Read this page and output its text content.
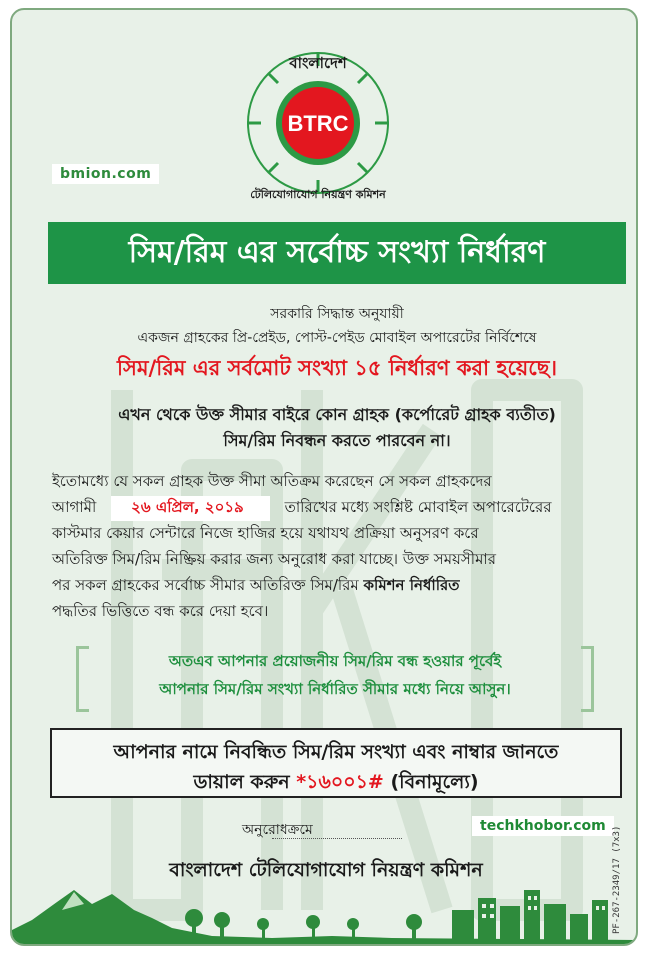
BTRC
বাংলাদেশ
টেলিযোগাযোগ নিয়ন্ত্রণ কমিশন
bmion.com
সিম/রিম এর সর্বোচ্চ সংখ্যা নির্ধারণ
সরকারি সিদ্ধান্ত অনুযায়ী
একজন গ্রাহকের প্রি-প্রেইড, পোস্ট-পেইড মোবাইল অপারেটের নির্বিশেষে
সিম/রিম এর সর্বমোট সংখ্যা ১৫ নির্ধারণ করা হয়েছে।
এখন থেকে উক্ত সীমার বাইরে কোন গ্রাহক (কর্পোরেট গ্রাহক ব্যতীত)
সিম/রিম নিবন্ধন করতে পারবেন না।
ইতোমধ্যে যে সকল গ্রাহক উক্ত সীমা অতিক্রম করেছেন সে সকল গ্রাহকদের
আগামী ২৬ এপ্রিল, ২০১৯	তারিখের মধ্যে সংশ্লিষ্ট মোবাইল অপারেটেরের
কাস্টমার কেয়ার সেন্টারে নিজে হাজির হয়ে যথাযথ প্রক্রিয়া অনুসরণ করে
অতিরিক্ত সিম/রিম নিষ্ক্রিয় করার জন্য অনুরোধ করা যাচ্ছে। উক্ত সময়সীমার
পর সকল গ্রাহকের সর্বোচ্চ সীমার অতিরিক্ত সিম/রিম কমিশন নির্ধারিত
পদ্ধতির ভিত্তিতে বন্ধ করে দেয়া হবে।
অতএব আপনার প্রয়োজনীয় সিম/রিম বন্ধ হওয়ার পূর্বেই
আপনার সিম/রিম সংখ্যা নির্ধারিত সীমার মধ্যে নিয়ে আসুন।
আপনার নামে নিবন্ধিত সিম/রিম সংখ্যা এবং নাম্বার জানতে
ডায়াল করুন *১৬০০১# (বিনামূল্যে)
অনুরোধক্রমে	techkhobor.com
বাংলাদেশ টেলিযোগাযোগ নিয়ন্ত্রণ কমিশন	PF-267-2349/17 (7x3)
